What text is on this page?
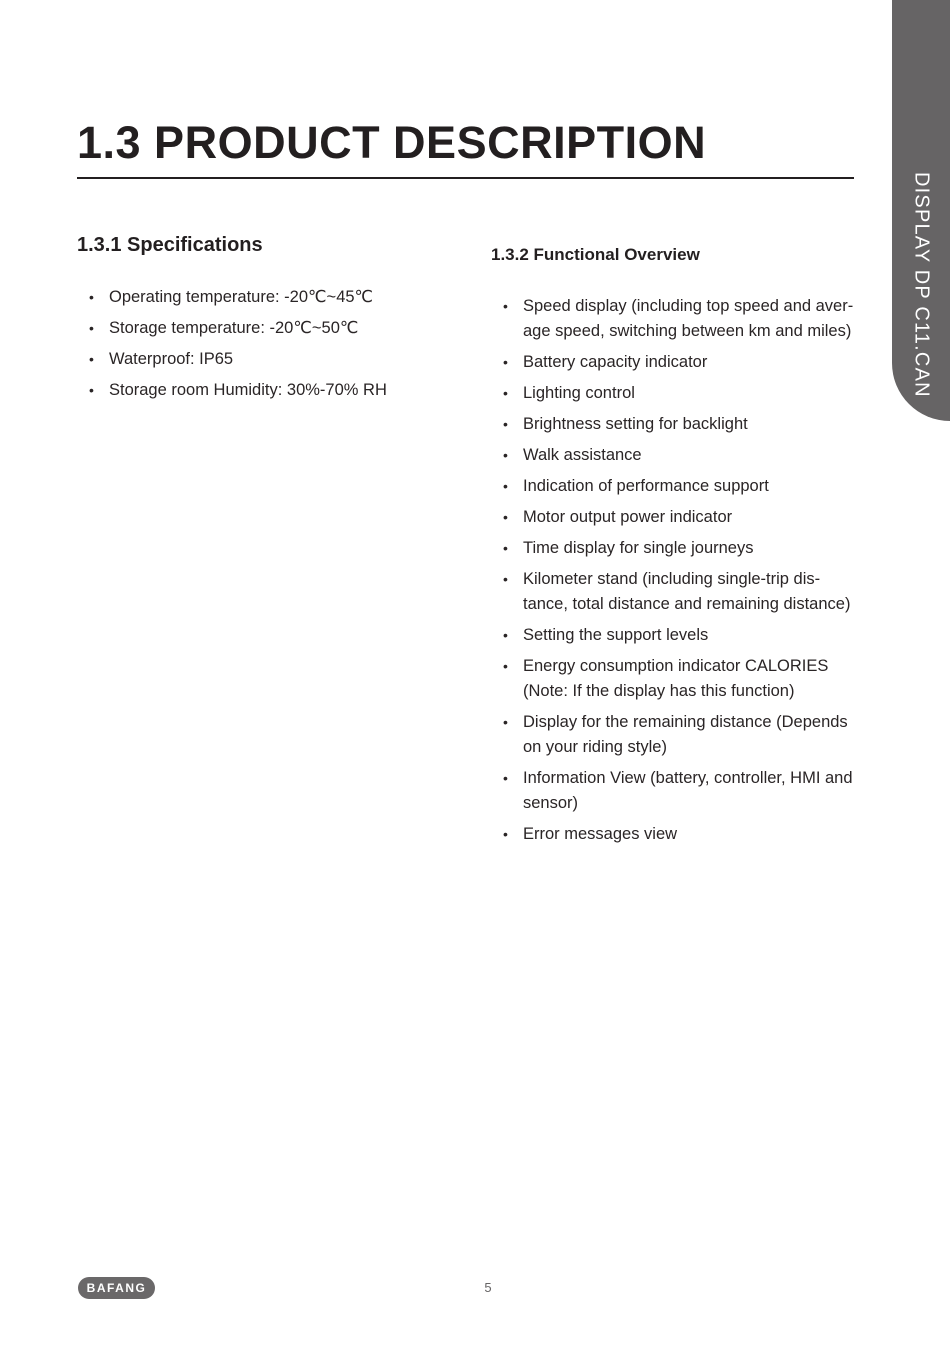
DISPLAY DP C11.CAN
1.3 PRODUCT DESCRIPTION
1.3.1 Specifications
• Operating temperature: -20℃~45℃
• Storage temperature: -20℃~50℃
• Waterproof: IP65
• Storage room Humidity: 30%-70% RH
1.3.2 Functional Overview
• Speed display (including top speed and aver-age speed, switching between km and miles)
• Battery capacity indicator
• Lighting control
• Brightness setting for backlight
• Walk assistance
• Indication of performance support
• Motor output power indicator
• Time display for single journeys
• Kilometer stand (including single-trip dis-tance, total distance and remaining distance)
• Setting the support levels
• Energy consumption indicator CALORIES (Note: If the display has this function)
• Display for the remaining distance (Depends on your riding style)
• Information View (battery, controller, HMI and sensor)
• Error messages view
BAFANG	5
